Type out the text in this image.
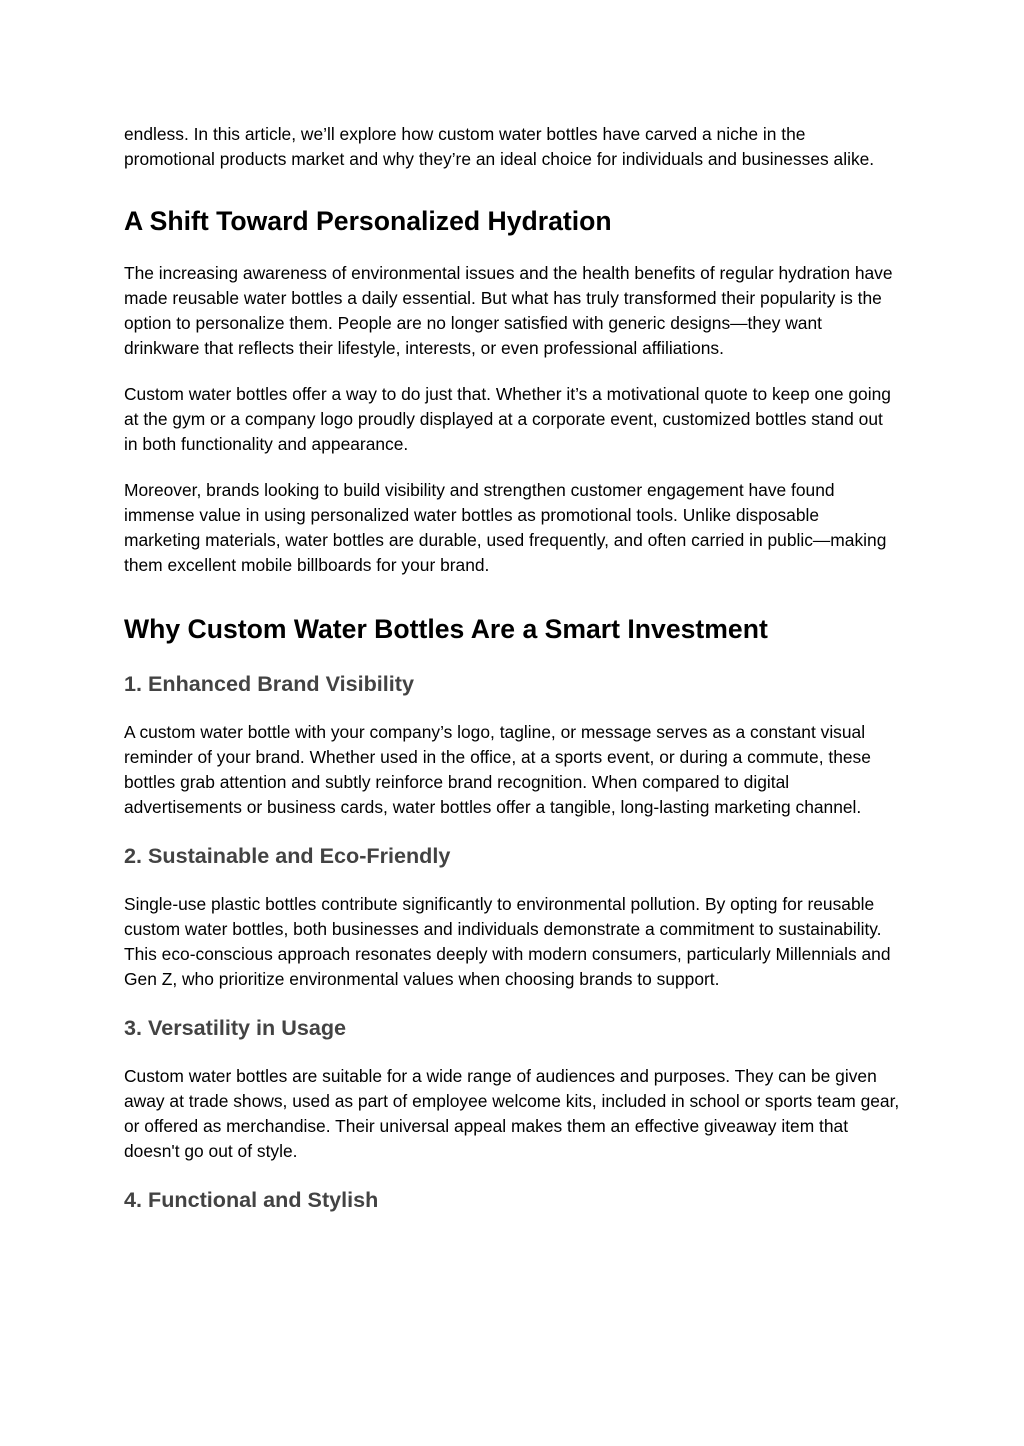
endless. In this article, we’ll explore how custom water bottles have carved a niche in the promotional products market and why they’re an ideal choice for individuals and businesses alike.

A Shift Toward Personalized Hydration

The increasing awareness of environmental issues and the health benefits of regular hydration have made reusable water bottles a daily essential. But what has truly transformed their popularity is the option to personalize them. People are no longer satisfied with generic designs—they want drinkware that reflects their lifestyle, interests, or even professional affiliations.

Custom water bottles offer a way to do just that. Whether it’s a motivational quote to keep one going at the gym or a company logo proudly displayed at a corporate event, customized bottles stand out in both functionality and appearance.

Moreover, brands looking to build visibility and strengthen customer engagement have found immense value in using personalized water bottles as promotional tools. Unlike disposable marketing materials, water bottles are durable, used frequently, and often carried in public—making them excellent mobile billboards for your brand.

Why Custom Water Bottles Are a Smart Investment
1. Enhanced Brand Visibility

A custom water bottle with your company’s logo, tagline, or message serves as a constant visual reminder of your brand. Whether used in the office, at a sports event, or during a commute, these bottles grab attention and subtly reinforce brand recognition. When compared to digital advertisements or business cards, water bottles offer a tangible, long-lasting marketing channel.

2. Sustainable and Eco-Friendly

Single-use plastic bottles contribute significantly to environmental pollution. By opting for reusable custom water bottles, both businesses and individuals demonstrate a commitment to sustainability. This eco-conscious approach resonates deeply with modern consumers, particularly Millennials and Gen Z, who prioritize environmental values when choosing brands to support.

3. Versatility in Usage

Custom water bottles are suitable for a wide range of audiences and purposes. They can be given away at trade shows, used as part of employee welcome kits, included in school or sports team gear, or offered as merchandise. Their universal appeal makes them an effective giveaway item that doesn't go out of style.

4. Functional and Stylish
